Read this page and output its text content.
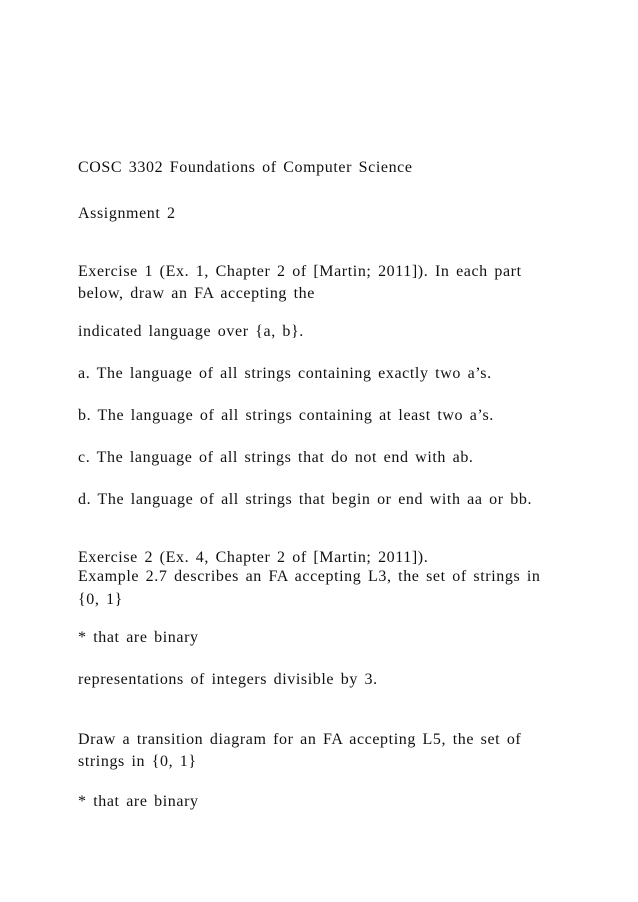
COSC 3302 Foundations of Computer Science
Assignment 2
Exercise 1 (Ex. 1, Chapter 2 of [Martin; 2011]). In each part
below, draw an FA accepting the
indicated language over {a, b}.
a. The language of all strings containing exactly two a’s.
b. The language of all strings containing at least two a’s.
c. The language of all strings that do not end with ab.
d. The language of all strings that begin or end with aa or bb.
Exercise 2 (Ex. 4, Chapter 2 of [Martin; 2011]).
Example 2.7 describes an FA accepting L3, the set of strings in
{0, 1}
* that are binary
representations of integers divisible by 3.
Draw a transition diagram for an FA accepting L5, the set of
strings in {0, 1}
* that are binary
